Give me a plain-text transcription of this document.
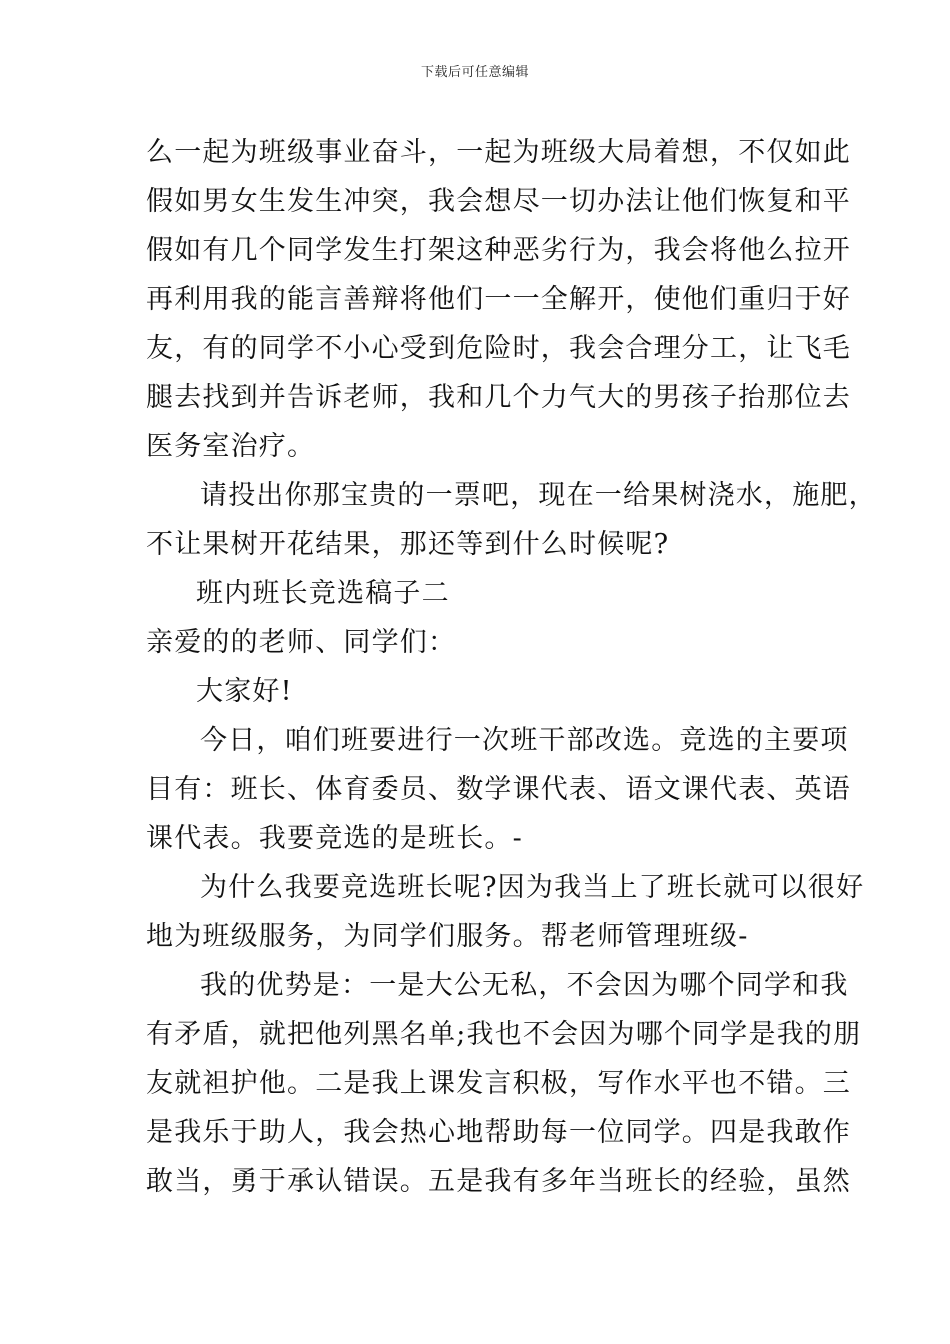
下载后可任意编辑

么一起为班级事业奋斗，一起为班级大局着想，不仅如此

假如男女生发生冲突，我会想尽一切办法让他们恢复和平

假如有几个同学发生打架这种恶劣行为，我会将他么拉开

再利用我的能言善辩将他们一一全解开，使他们重归于好

友，有的同学不小心受到危险时，我会合理分工，让飞毛

腿去找到并告诉老师，我和几个力气大的男孩子抬那位去

医务室治疗。

请投出你那宝贵的一票吧，现在一给果树浇水，施肥，

不让果树开花结果，那还等到什么时候呢?

班内班长竞选稿子二

亲爱的的老师、同学们：

大家好!

今日，咱们班要进行一次班干部改选。竞选的主要项

目有：班长、体育委员、数学课代表、语文课代表、英语

课代表。我要竞选的是班长。-

为什么我要竞选班长呢?因为我当上了班长就可以很好

地为班级服务，为同学们服务。帮老师管理班级-

我的优势是：一是大公无私，不会因为哪个同学和我

有矛盾，就把他列黑名单;我也不会因为哪个同学是我的朋

友就袒护他。二是我上课发言积极，写作水平也不错。三

是我乐于助人，我会热心地帮助每一位同学。四是我敢作

敢当，勇于承认错误。五是我有多年当班长的经验，虽然
